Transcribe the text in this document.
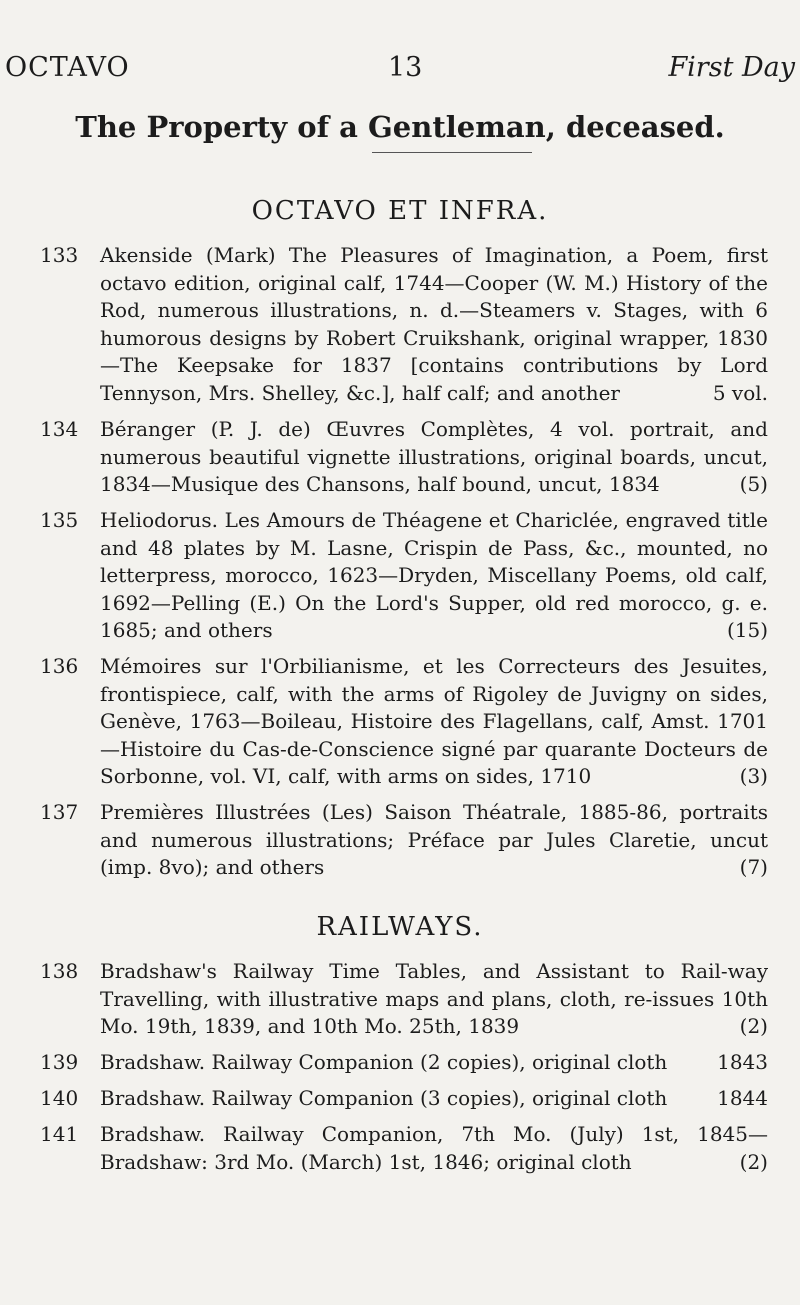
OCTAVO	13	First Day
The Property of a Gentleman, deceased.
OCTAVO ET INFRA.
133 Akenside (Mark) The Pleasures of Imagination, a Poem, first octavo edition, original calf, 1744—Cooper (W. M.) History of the Rod, numerous illustrations, n. d.—Steamers v. Stages, with 6 humorous designs by Robert Cruikshank, original wrapper, 1830—The Keepsake for 1837 [contains contributions by Lord Tennyson, Mrs. Shelley, &c.], half calf; and another	5 vol.
134 Béranger (P. J. de) Œuvres Complètes, 4 vol. portrait, and numerous beautiful vignette illustrations, original boards, uncut, 1834—Musique des Chansons, half bound, uncut, 1834	(5)
135 Heliodorus. Les Amours de Théagene et Chariclée, engraved title and 48 plates by M. Lasne, Crispin de Pass, &c., mounted, no letterpress, morocco, 1623—Dryden, Miscellany Poems, old calf, 1692—Pelling (E.) On the Lord's Supper, old red morocco, g. e. 1685; and others	(15)
136 Mémoires sur l'Orbilianisme, et les Correcteurs des Jesuites, frontispiece, calf, with the arms of Rigoley de Juvigny on sides, Genève, 1763—Boileau, Histoire des Flagellans, calf, Amst. 1701—Histoire du Cas-de-Conscience signé par quarante Docteurs de Sorbonne, vol. VI, calf, with arms on sides, 1710	(3)
137 Premières Illustrées (Les) Saison Théatrale, 1885-86, portraits and numerous illustrations; Préface par Jules Claretie, uncut (imp. 8vo); and others	(7)
RAILWAYS.
138 Bradshaw's Railway Time Tables, and Assistant to Rail-way Travelling, with illustrative maps and plans, cloth, re-issues 10th Mo. 19th, 1839, and 10th Mo. 25th, 1839	(2)
139 Bradshaw. Railway Companion (2 copies), original cloth 1843
140 Bradshaw. Railway Companion (3 copies), original cloth 1844
141 Bradshaw. Railway Companion, 7th Mo. (July) 1st, 1845—Bradshaw: 3rd Mo. (March) 1st, 1846; original cloth	(2)
